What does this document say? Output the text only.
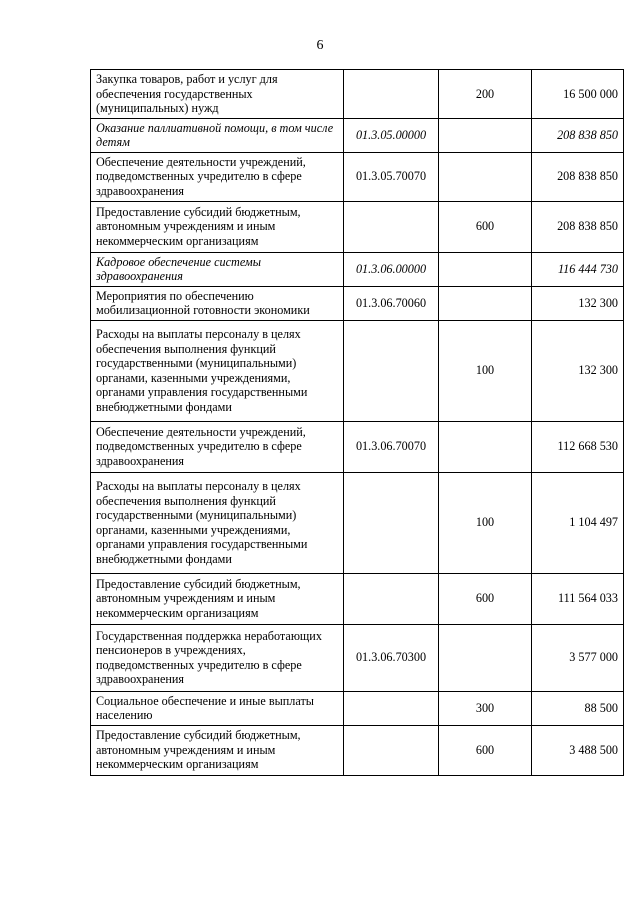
6
Закупка товаров, работ и услуг для обеспечения государственных (муниципальных) нужд		200	16 500 000
Оказание паллиативной помощи, в том числе детям	01.3.05.00000		208 838 850
Обеспечение деятельности учреждений, подведомственных учредителю в сфере здравоохранения	01.3.05.70070		208 838 850
Предоставление субсидий бюджетным, автономным учреждениям и иным некоммерческим организациям		600	208 838 850
Кадровое обеспечение системы здравоохранения	01.3.06.00000		116 444 730
Мероприятия по обеспечению мобилизационной готовности экономики	01.3.06.70060		132 300
Расходы на выплаты персоналу в целях обеспечения выполнения функций государственными (муниципальными) органами, казенными учреждениями, органами управления государственными внебюджетными фондами		100	132 300
Обеспечение деятельности учреждений, подведомственных учредителю в сфере здравоохранения	01.3.06.70070		112 668 530
Расходы на выплаты персоналу в целях обеспечения выполнения функций государственными (муниципальными) органами, казенными учреждениями, органами управления государственными внебюджетными фондами		100	1 104 497
Предоставление субсидий бюджетным, автономным учреждениям и иным некоммерческим организациям		600	111 564 033
Государственная поддержка неработающих пенсионеров в учреждениях, подведомственных учредителю в сфере здравоохранения	01.3.06.70300		3 577 000
Социальное обеспечение и иные выплаты населению		300	88 500
Предоставление субсидий бюджетным, автономным учреждениям и иным некоммерческим организациям		600	3 488 500
